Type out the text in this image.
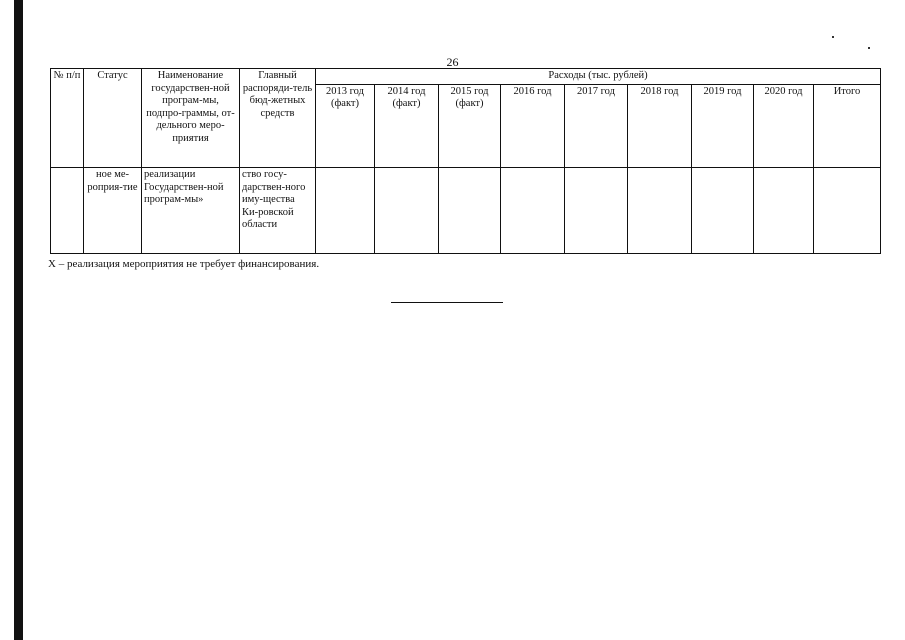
26
№ п/п	Статус	Наименование государствен-ной програм-мы, подпро-граммы, от-дельного меро-приятия	Главный распоряди-тель бюд-жетных средств	Расходы (тыс. рублей)								
				2013 год (факт)	2014 год (факт)	2015 год (факт)	2016 год	2017 год	2018 год	2019 год	2020 год	Итого
	ное ме-роприя-тие	реализации Государствен-ной програм-мы»	ство госу-дарствен-ного иму-щества Ки-ровской области									
X – реализация мероприятия не требует финансирования.
